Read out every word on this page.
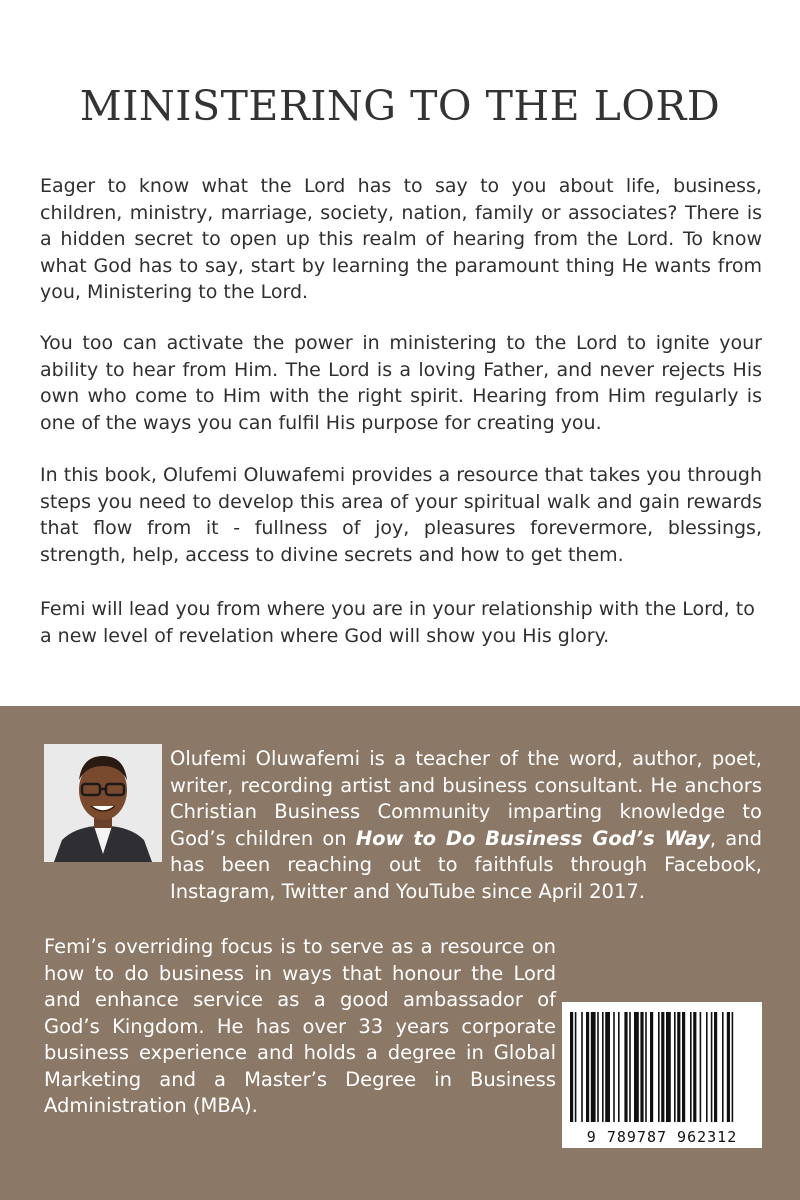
MINISTERING TO THE LORD

Eager to know what the Lord has to say to you about life, business, children, ministry, marriage, society, nation, family or associates? There is a hidden secret to open up this realm of hearing from the Lord. To know what God has to say, start by learning the paramount thing He wants from you, Ministering to the Lord.

You too can activate the power in ministering to the Lord to ignite your ability to hear from Him. The Lord is a loving Father, and never rejects His own who come to Him with the right spirit. Hearing from Him regularly is one of the ways you can fulfil His purpose for creating you.

In this book, Olufemi Oluwafemi provides a resource that takes you through steps you need to develop this area of your spiritual walk and gain rewards that flow from it - fullness of joy, pleasures forevermore, blessings, strength, help, access to divine secrets and how to get them.

Femi will lead you from where you are in your relationship with the Lord, to a new level of revelation where God will show you His glory.

Olufemi Oluwafemi is a teacher of the word, author, poet, writer, recording artist and business consultant. He anchors Christian Business Community imparting knowledge to God’s children on How to Do Business God’s Way, and has been reaching out to faithfuls through Facebook, Instagram, Twitter and YouTube since April 2017.

Femi’s overriding focus is to serve as a resource on how to do business in ways that honour the Lord and enhance service as a good ambassador of God’s Kingdom. He has over 33 years corporate business experience and holds a degree in Global Marketing and a Master’s Degree in Business Administration (MBA).

9 789787 962312
